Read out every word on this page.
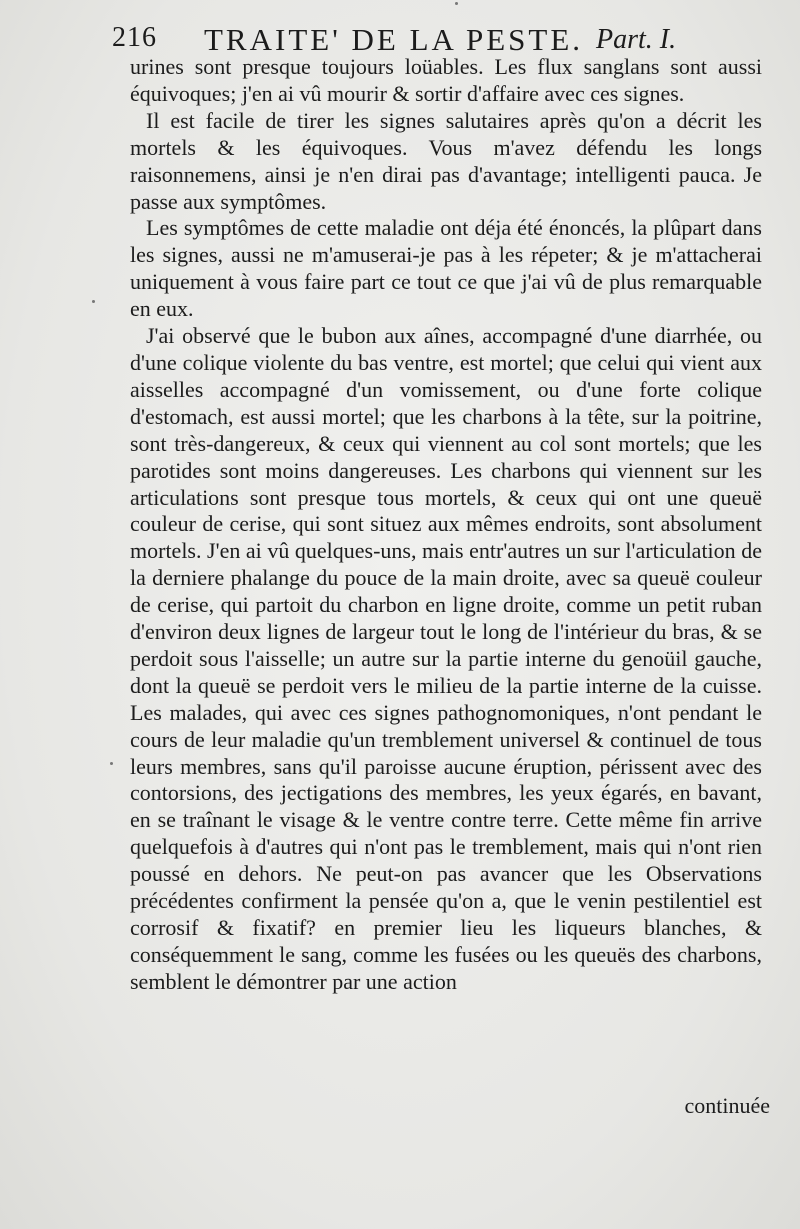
216 TRAITE' DE LA PESTE. Part. I.

urines sont presque toujours loüables. Les flux sanglans sont aussi équivoques; j'en ai vû mourir & sortir d'affaire avec ces signes.

Il est facile de tirer les signes salutaires après qu'on a décrit les mortels & les équivoques. Vous m'avez défendu les longs raisonnemens, ainsi je n'en dirai pas d'avantage; intelligenti pauca. Je passe aux symptômes.

Les symptômes de cette maladie ont déja été énoncés, la plûpart dans les signes, aussi ne m'amuserai-je pas à les répeter; & je m'attacherai uniquement à vous faire part ce tout ce que j'ai vû de plus remarquable en eux.

J'ai observé que le bubon aux aînes, accompagné d'une diarrhée, ou d'une colique violente du bas ventre, est mortel; que celui qui vient aux aisselles accompagné d'un vomissement, ou d'une forte colique d'estomach, est aussi mortel; que les charbons à la tête, sur la poitrine, sont très-dangereux, & ceux qui viennent au col sont mortels; que les parotides sont moins dangereuses. Les charbons qui viennent sur les articulations sont presque tous mortels, & ceux qui ont une queuë couleur de cerise, qui sont situez aux mêmes endroits, sont absolument mortels. J'en ai vû quelques-uns, mais entr'autres un sur l'articulation de la derniere phalange du pouce de la main droite, avec sa queuë couleur de cerise, qui partoit du charbon en ligne droite, comme un petit ruban d'environ deux lignes de largeur tout le long de l'intérieur du bras, & se perdoit sous l'aisselle; un autre sur la partie interne du genoüil gauche, dont la queuë se perdoit vers le milieu de la partie interne de la cuisse. Les malades, qui avec ces signes pathognomoniques, n'ont pendant le cours de leur maladie qu'un tremblement universel & continuel de tous leurs membres, sans qu'il paroisse aucune éruption, périssent avec des contorsions, des jectigations des membres, les yeux égarés, en bavant, en se traînant le visage & le ventre contre terre. Cette même fin arrive quelquefois à d'autres qui n'ont pas le tremblement, mais qui n'ont rien poussé en dehors. Ne peut-on pas avancer que les Observations précédentes confirment la pensée qu'on a, que le venin pestilentiel est corrosif & fixatif? en premier lieu les liqueurs blanches, & conséquemment le sang, comme les fusées ou les queuës des charbons, semblent le démontrer par une action

continuée
